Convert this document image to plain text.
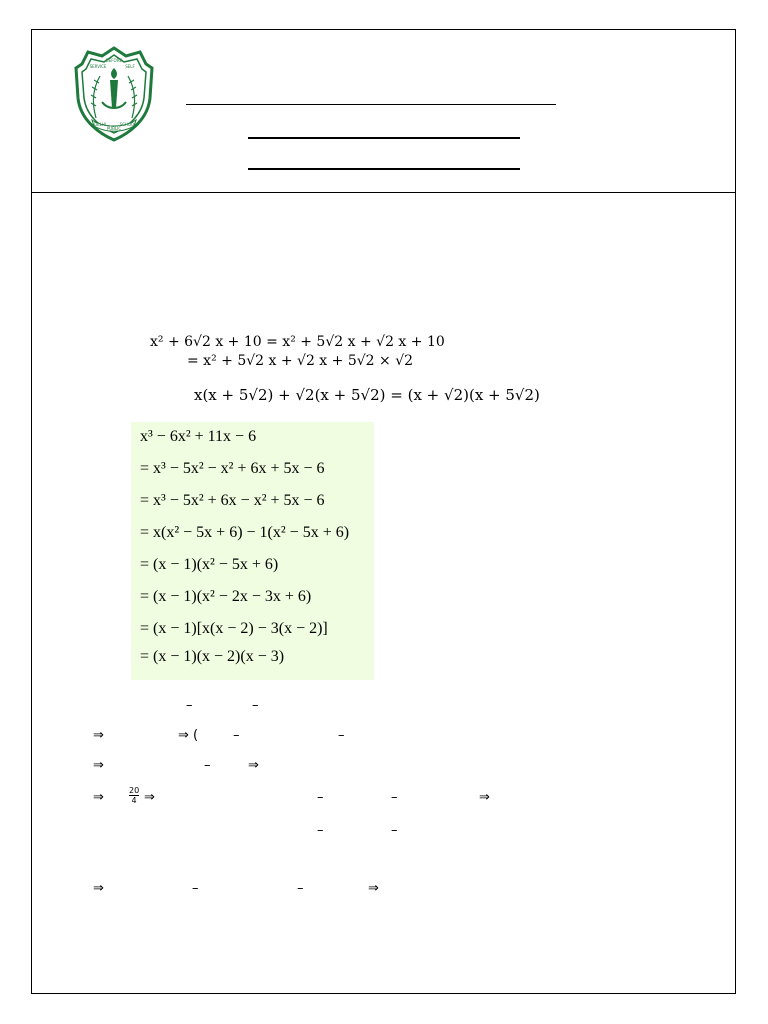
SERVICE
BEFORE
SELF
DELHI
PUBLIC
SCHOOL
x² + 6√2 x + 10 = x² + 5√2 x + √2 x + 10
= x² + 5√2 x + √2 x + 5√2 × √2
x(x + 5√2) + √2(x + 5√2) = (x + √2)(x + 5√2)
x³ − 6x² + 11x − 6
= x³ − 5x² − x² + 6x + 5x − 6
= x³ − 5x² + 6x − x² + 5x − 6
= x(x² − 5x + 6) − 1(x² − 5x + 6)
= (x − 1)(x² − 5x + 6)
= (x − 1)(x² − 2x − 3x + 6)
= (x − 1)[x(x − 2) − 3(x − 2)]
= (x − 1)(x − 2)(x − 3)
–	–
⇒	⇒ (	–	–
⇒	–	⇒
⇒	$\frac{20}{4}$ ⇒	–	–	⇒
–	–
⇒	–	–	⇒
